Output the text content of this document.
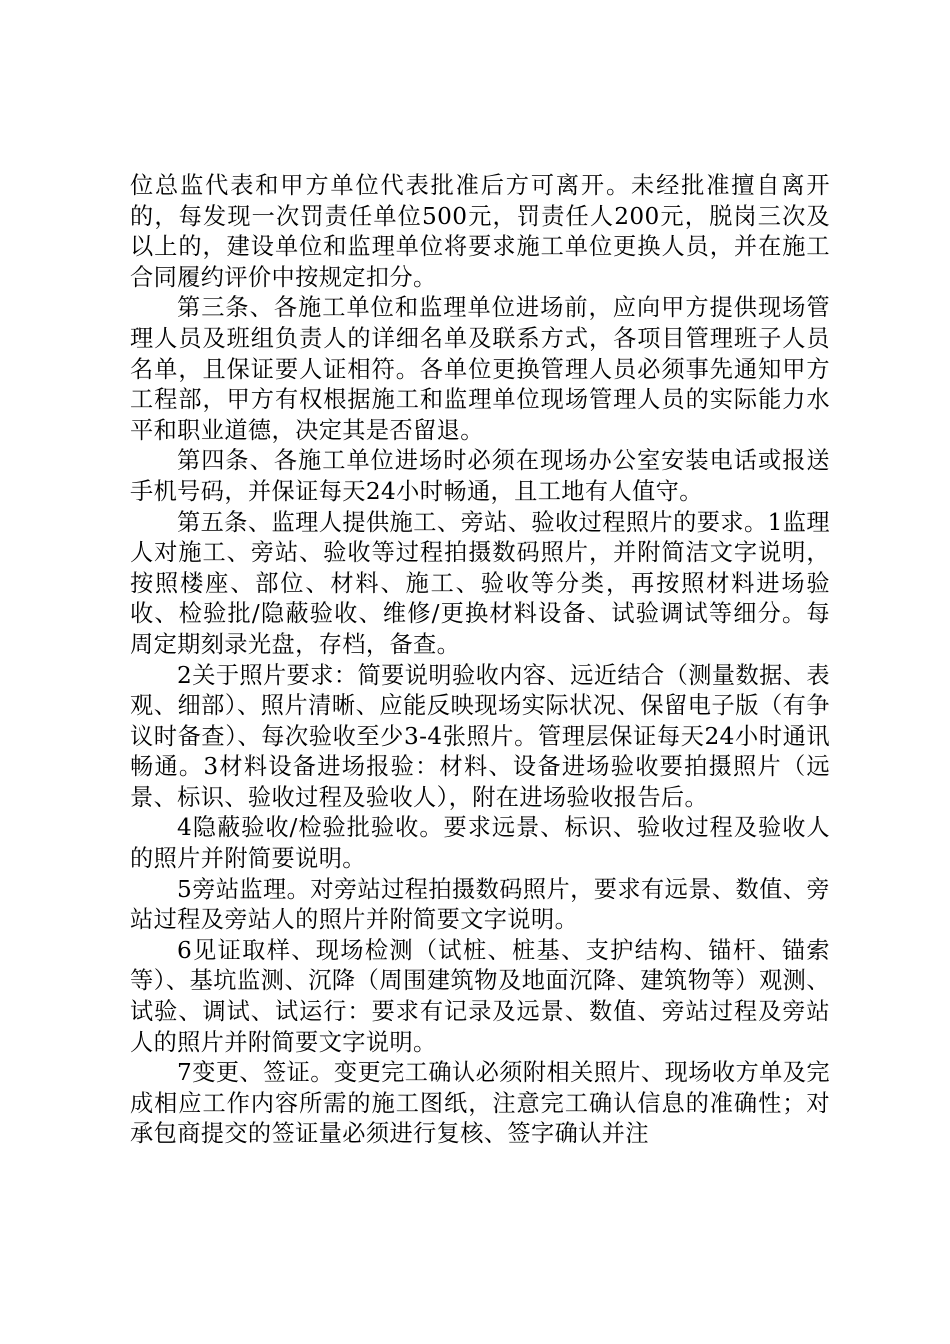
位总监代表和甲方单位代表批准后方可离开。未经批准擅自离开的，每发现一次罚责任单位500元，罚责任人200元，脱岗三次及以上的，建设单位和监理单位将要求施工单位更换人员，并在施工合同履约评价中按规定扣分。

第三条、各施工单位和监理单位进场前，应向甲方提供现场管理人员及班组负责人的详细名单及联系方式，各项目管理班子人员名单，且保证要人证相符。各单位更换管理人员必须事先通知甲方工程部，甲方有权根据施工和监理单位现场管理人员的实际能力水平和职业道德，决定其是否留退。

第四条、各施工单位进场时必须在现场办公室安装电话或报送手机号码，并保证每天24小时畅通，且工地有人值守。

第五条、监理人提供施工、旁站、验收过程照片的要求。1监理人对施工、旁站、验收等过程拍摄数码照片，并附简洁文字说明，按照楼座、部位、材料、施工、验收等分类，再按照材料进场验收、检验批/隐蔽验收、维修/更换材料设备、试验调试等细分。每周定期刻录光盘，存档，备查。

2关于照片要求：简要说明验收内容、远近结合（测量数据、表观、细部）、照片清晰、应能反映现场实际状况、保留电子版（有争议时备查）、每次验收至少3-4张照片。管理层保证每天24小时通讯畅通。3材料设备进场报验：材料、设备进场验收要拍摄照片（远景、标识、验收过程及验收人），附在进场验收报告后。

4隐蔽验收/检验批验收。要求远景、标识、验收过程及验收人的照片并附简要说明。

5旁站监理。对旁站过程拍摄数码照片，要求有远景、数值、旁站过程及旁站人的照片并附简要文字说明。

6见证取样、现场检测（试桩、桩基、支护结构、锚杆、锚索等）、基坑监测、沉降（周围建筑物及地面沉降、建筑物等）观测、试验、调试、试运行：要求有记录及远景、数值、旁站过程及旁站人的照片并附简要文字说明。

7变更、签证。变更完工确认必须附相关照片、现场收方单及完成相应工作内容所需的施工图纸，注意完工确认信息的准确性；对承包商提交的签证量必须进行复核、签字确认并注
